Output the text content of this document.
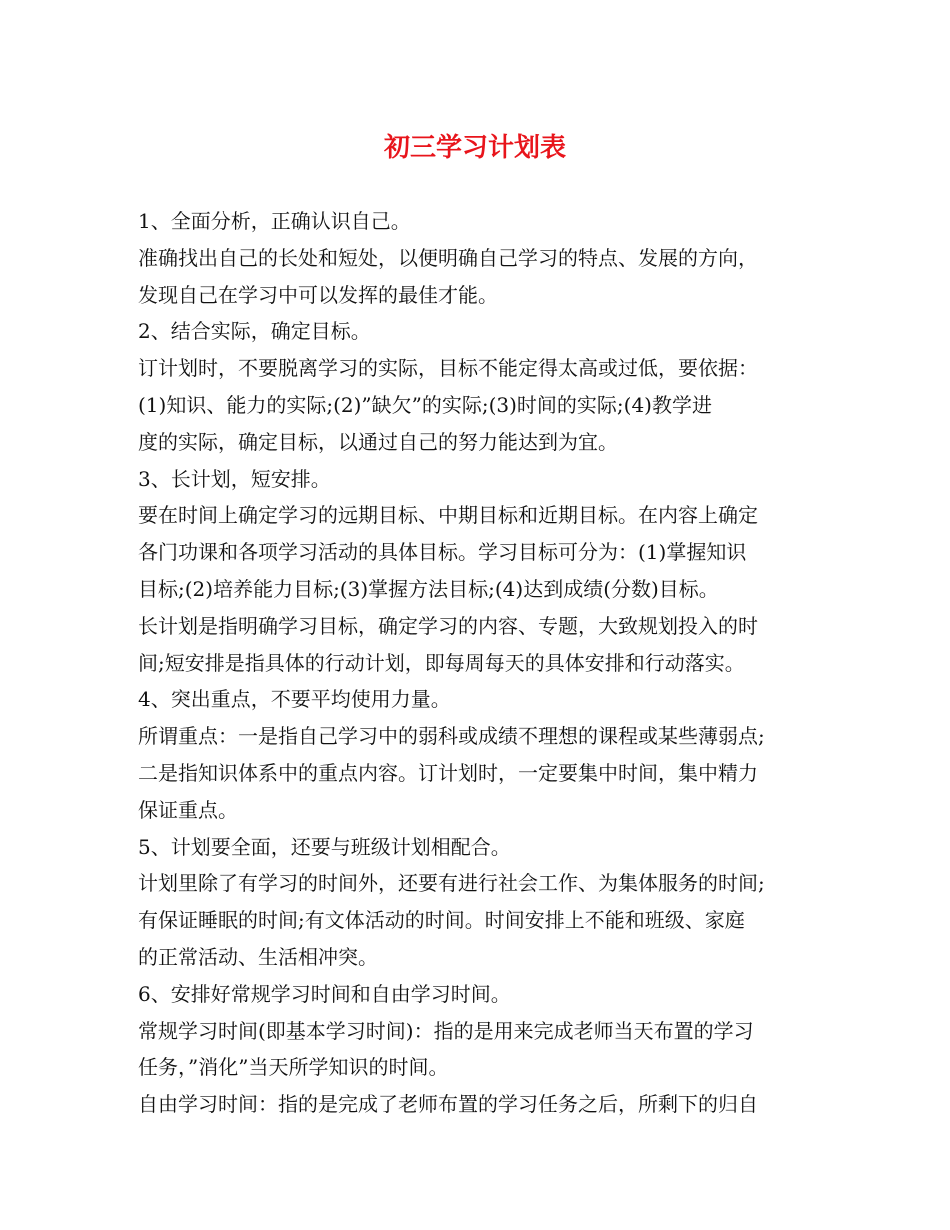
初三学习计划表
1、全面分析，正确认识自己。
准确找出自己的长处和短处，以便明确自己学习的特点、发展的方向，
发现自己在学习中可以发挥的最佳才能。
2、结合实际，确定目标。
订计划时，不要脱离学习的实际，目标不能定得太高或过低，要依据：
(1)知识、能力的实际;(2)”缺欠”的实际;(3)时间的实际;(4)教学进
度的实际，确定目标，以通过自己的努力能达到为宜。
3、长计划，短安排。
要在时间上确定学习的远期目标、中期目标和近期目标。在内容上确定
各门功课和各项学习活动的具体目标。学习目标可分为：(1)掌握知识
目标;(2)培养能力目标;(3)掌握方法目标;(4)达到成绩(分数)目标。
长计划是指明确学习目标，确定学习的内容、专题，大致规划投入的时
间;短安排是指具体的行动计划，即每周每天的具体安排和行动落实。
4、突出重点，不要平均使用力量。
所谓重点：一是指自己学习中的弱科或成绩不理想的课程或某些薄弱点;
二是指知识体系中的重点内容。订计划时，一定要集中时间，集中精力
保证重点。
5、计划要全面，还要与班级计划相配合。
计划里除了有学习的时间外，还要有进行社会工作、为集体服务的时间;
有保证睡眠的时间;有文体活动的时间。时间安排上不能和班级、家庭
的正常活动、生活相冲突。
6、安排好常规学习时间和自由学习时间。
常规学习时间(即基本学习时间)：指的是用来完成老师当天布置的学习
任务，”消化”当天所学知识的时间。
自由学习时间：指的是完成了老师布置的学习任务之后，所剩下的归自
